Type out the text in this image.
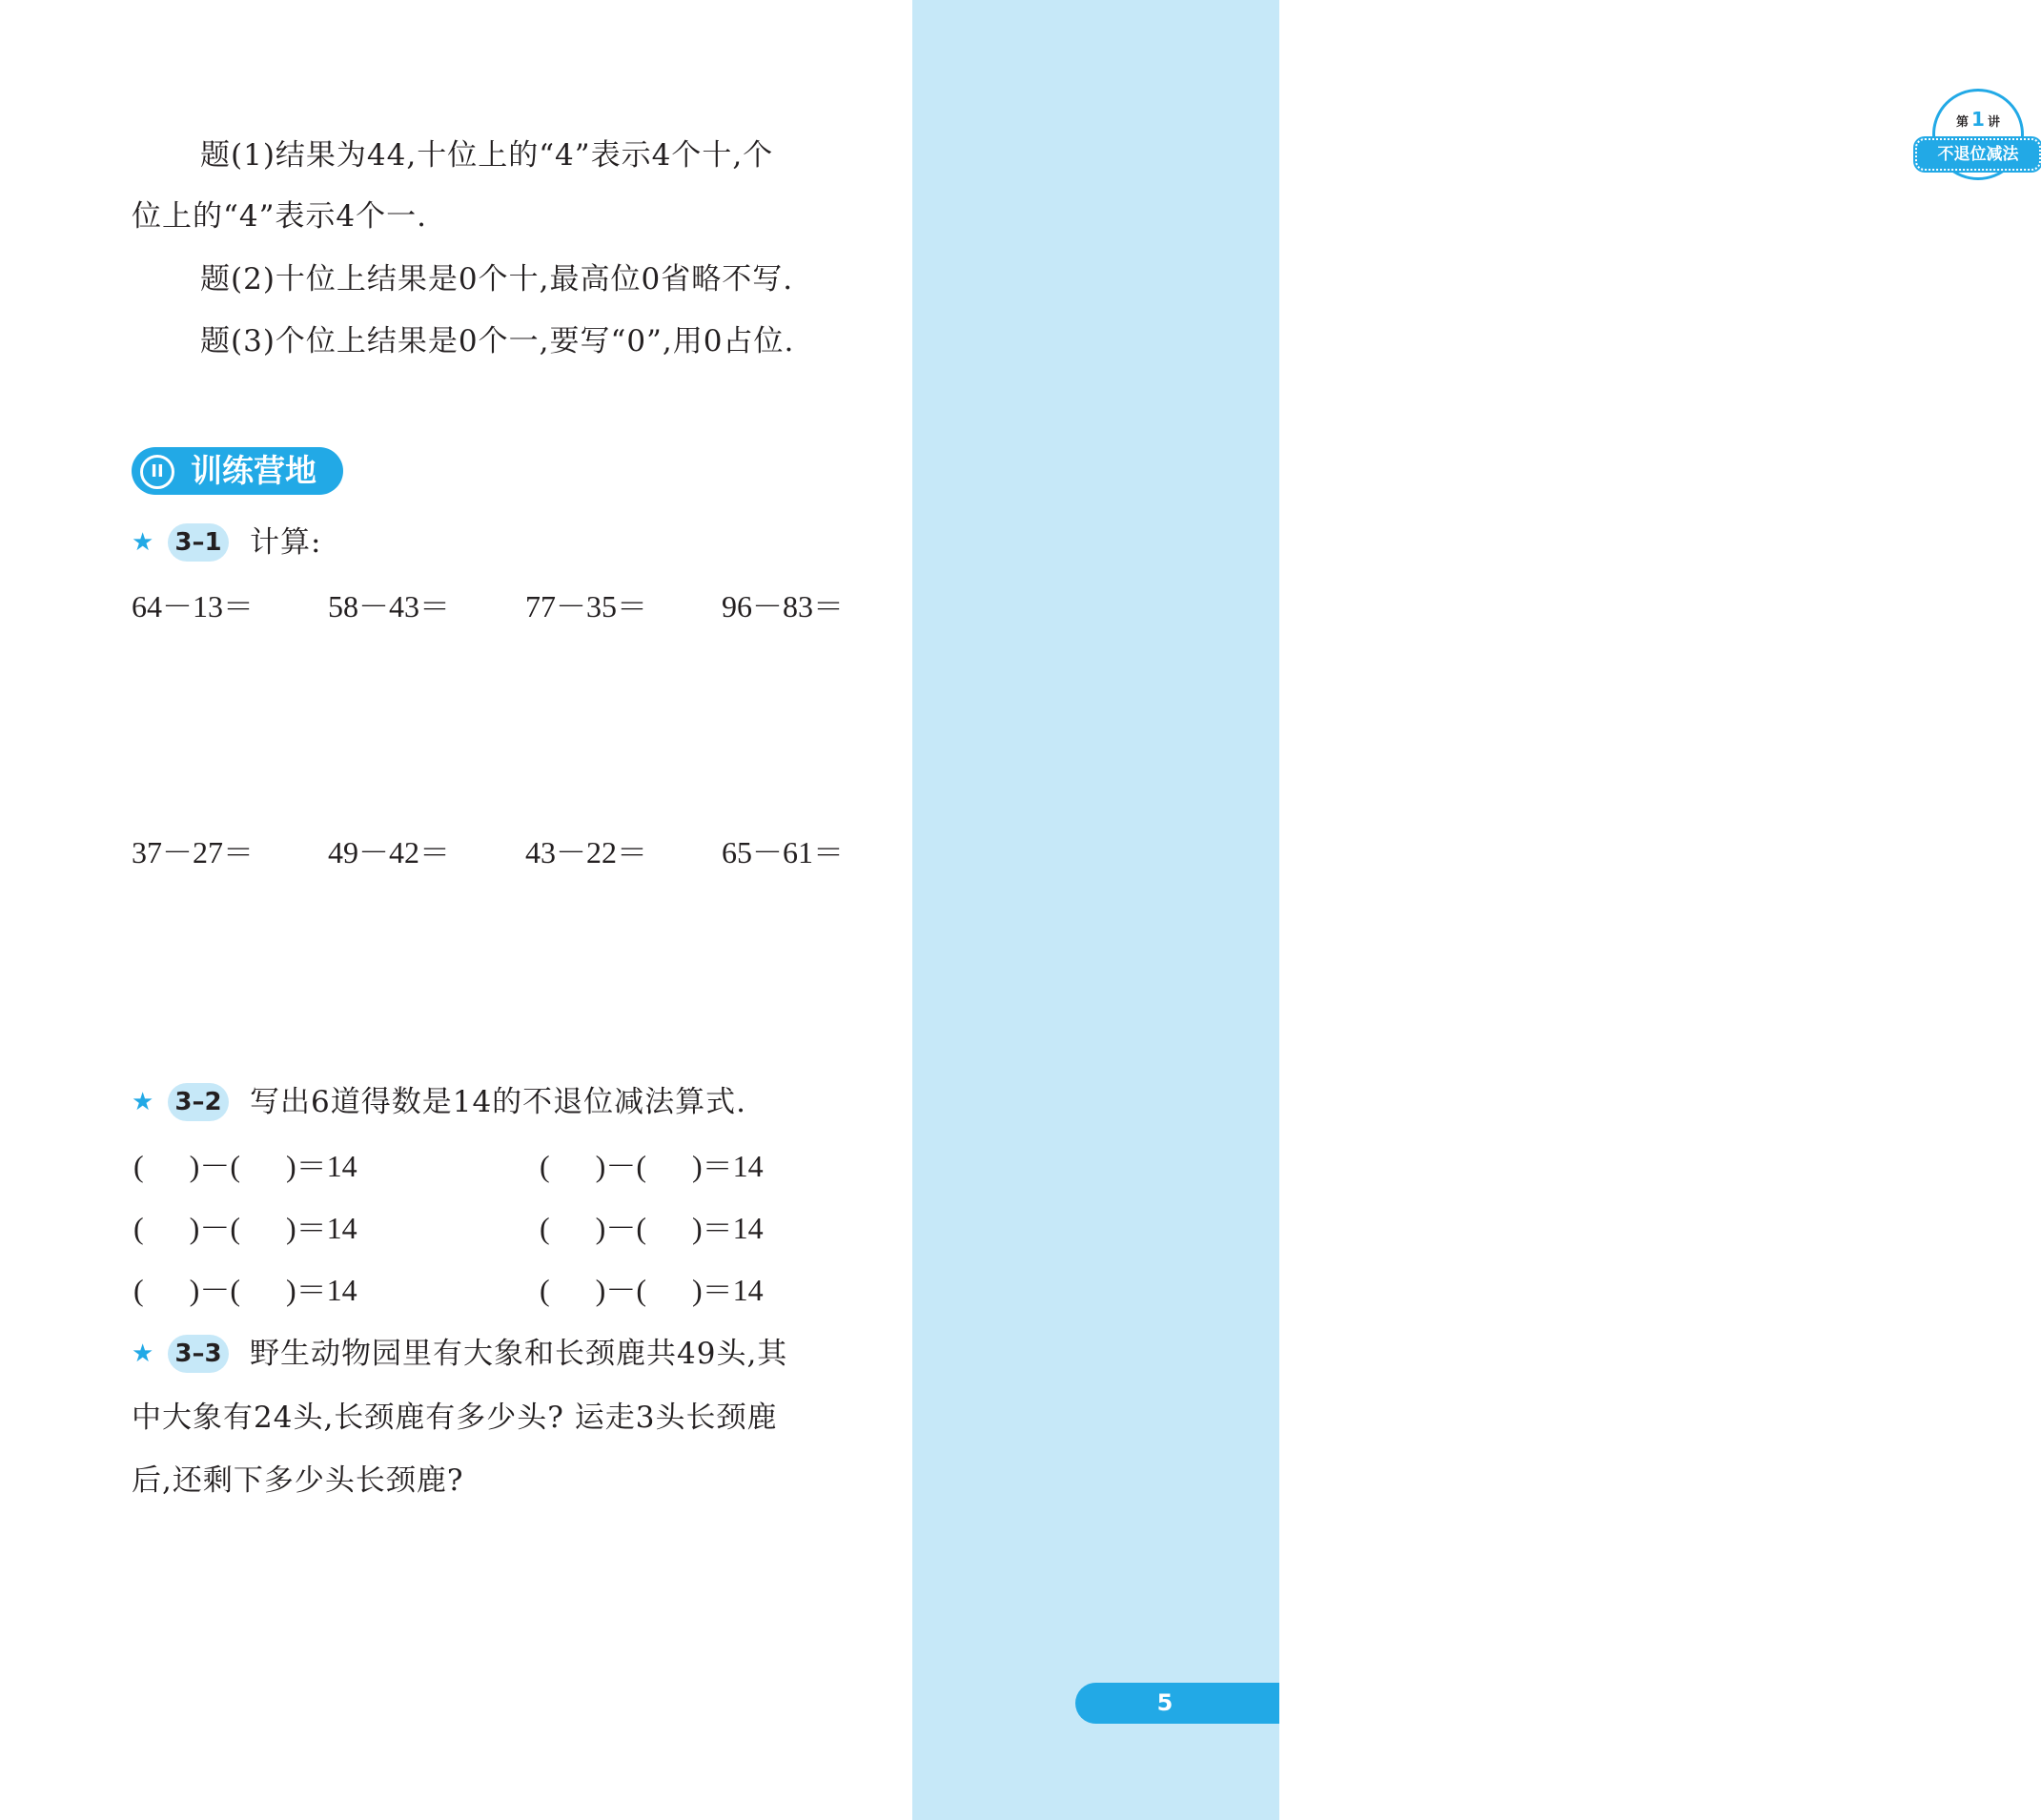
第 1 讲
不退位减法
5
题(1)结果为44,十位上的“4”表示4个十,个
位上的“4”表示4个一.
题(2)十位上结果是0个十,最高位0省略不写.
题(3)个位上结果是0个一,要写“0”,用0占位.
II 训练营地
★ 3–1 计算:
64－13＝ 58－43＝ 77－35＝ 96－83＝
37－27＝ 49－42＝ 43－22＝ 65－61＝
★ 3–2 写出6道得数是14的不退位减法算式.
(      )－(      )＝14	(      )－(      )＝14
(      )－(      )＝14	(      )－(      )＝14
(      )－(      )＝14	(      )－(      )＝14
★ 3–3 野生动物园里有大象和长颈鹿共49头,其
中大象有24头,长颈鹿有多少头? 运走3头长颈鹿
后,还剩下多少头长颈鹿?
